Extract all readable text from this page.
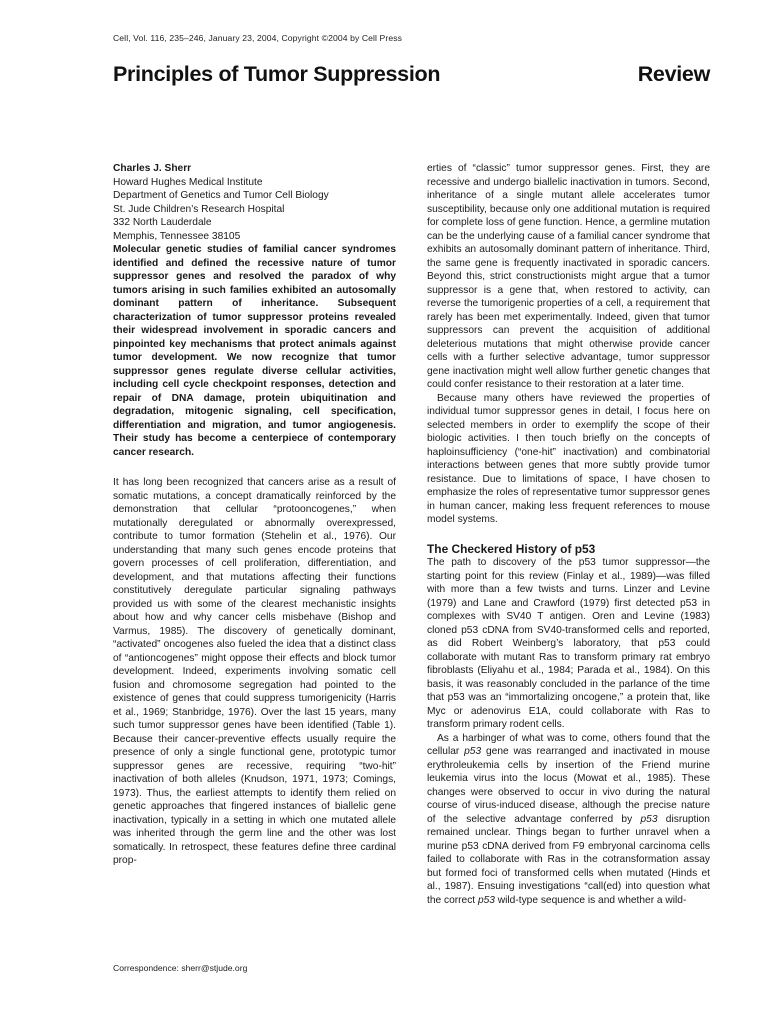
Cell, Vol. 116, 235–246, January 23, 2004, Copyright ©2004 by Cell Press
Principles of Tumor Suppression	Review
Charles J. Sherr
Howard Hughes Medical Institute
Department of Genetics and Tumor Cell Biology
St. Jude Children’s Research Hospital
332 North Lauderdale
Memphis, Tennessee 38105

Molecular genetic studies of familial cancer syndromes identified and defined the recessive nature of tumor suppressor genes and resolved the paradox of why tumors arising in such families exhibited an autosomally dominant pattern of inheritance. Subsequent characterization of tumor suppressor proteins revealed their widespread involvement in sporadic cancers and pinpointed key mechanisms that protect animals against tumor development. We now recognize that tumor suppressor genes regulate diverse cellular activities, including cell cycle checkpoint responses, detection and repair of DNA damage, protein ubiquitination and degradation, mitogenic signaling, cell specification, differentiation and migration, and tumor angiogenesis. Their study has become a centerpiece of contemporary cancer research.

It has long been recognized that cancers arise as a result of somatic mutations, a concept dramatically reinforced by the demonstration that cellular “protooncogenes,” when mutationally deregulated or abnormally overexpressed, contribute to tumor formation (Stehelin et al., 1976). Our understanding that many such genes encode proteins that govern processes of cell proliferation, differentiation, and development, and that mutations affecting their functions constitutively deregulate particular signaling pathways provided us with some of the clearest mechanistic insights about how and why cancer cells misbehave (Bishop and Varmus, 1985). The discovery of genetically dominant, “activated” oncogenes also fueled the idea that a distinct class of “antioncogenes” might oppose their effects and block tumor development. Indeed, experiments involving somatic cell fusion and chromosome segregation had pointed to the existence of genes that could suppress tumorigenicity (Harris et al., 1969; Stanbridge, 1976). Over the last 15 years, many such tumor suppressor genes have been identified (Table 1). Because their cancer-preventive effects usually require the presence of only a single functional gene, prototypic tumor suppressor genes are recessive, requiring “two-hit” inactivation of both alleles (Knudson, 1971, 1973; Comings, 1973). Thus, the earliest attempts to identify them relied on genetic approaches that fingered instances of biallelic gene inactivation, typically in a setting in which one mutated allele was inherited through the germ line and the other was lost somatically. In retrospect, these features define three cardinal prop-

erties of “classic” tumor suppressor genes. First, they are recessive and undergo biallelic inactivation in tumors. Second, inheritance of a single mutant allele accelerates tumor susceptibility, because only one additional mutation is required for complete loss of gene function. Hence, a germline mutation can be the underlying cause of a familial cancer syndrome that exhibits an autosomally dominant pattern of inheritance. Third, the same gene is frequently inactivated in sporadic cancers. Beyond this, strict constructionists might argue that a tumor suppressor is a gene that, when restored to activity, can reverse the tumorigenic properties of a cell, a requirement that rarely has been met experimentally. Indeed, given that tumor suppressors can prevent the acquisition of additional deleterious mutations that might otherwise provide cancer cells with a further selective advantage, tumor suppressor gene inactivation might well allow further genetic changes that could confer resistance to their restoration at a later time.

Because many others have reviewed the properties of individual tumor suppressor genes in detail, I focus here on selected members in order to exemplify the scope of their biologic activities. I then touch briefly on the concepts of haploinsufficiency (“one-hit” inactivation) and combinatorial interactions between genes that more subtly provide tumor resistance. Due to limitations of space, I have chosen to emphasize the roles of representative tumor suppressor genes in human cancer, making less frequent references to mouse model systems.

The Checkered History of p53

The path to discovery of the p53 tumor suppressor—the starting point for this review (Finlay et al., 1989)—was filled with more than a few twists and turns. Linzer and Levine (1979) and Lane and Crawford (1979) first detected p53 in complexes with SV40 T antigen. Oren and Levine (1983) cloned p53 cDNA from SV40-transformed cells and reported, as did Robert Weinberg’s laboratory, that p53 could collaborate with mutant Ras to transform primary rat embryo fibroblasts (Eliyahu et al., 1984; Parada et al., 1984). On this basis, it was reasonably concluded in the parlance of the time that p53 was an “immortalizing oncogene,” a protein that, like Myc or adenovirus E1A, could collaborate with Ras to transform primary rodent cells.

As a harbinger of what was to come, others found that the cellular p53 gene was rearranged and inactivated in mouse erythroleukemia cells by insertion of the Friend murine leukemia virus into the locus (Mowat et al., 1985). These changes were observed to occur in vivo during the natural course of virus-induced disease, although the precise nature of the selective advantage conferred by p53 disruption remained unclear. Things began to further unravel when a murine p53 cDNA derived from F9 embryonal carcinoma cells failed to collaborate with Ras in the cotransformation assay but formed foci of transformed cells when mutated (Hinds et al., 1987). Ensuing investigations “call(ed) into question what the correct p53 wild-type sequence is and whether a wild-

Correspondence: sherr@stjude.org
